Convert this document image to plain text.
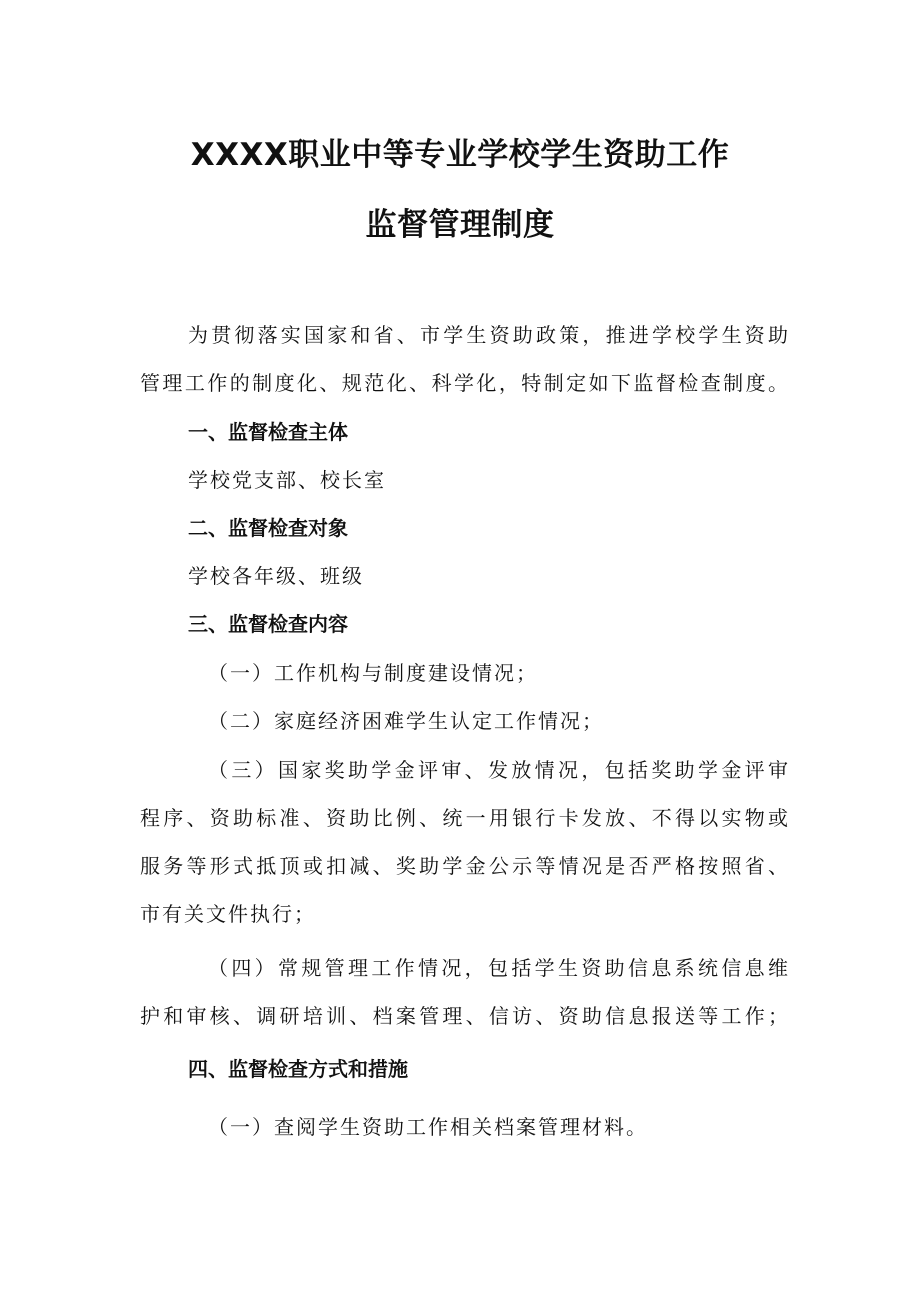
XXXX职业中等专业学校学生资助工作
监督管理制度
为贯彻落实国家和省、市学生资助政策，推进学校学生资助
管理工作的制度化、规范化、科学化，特制定如下监督检查制度。
一、监督检查主体
学校党支部、校长室
二、监督检查对象
学校各年级、班级
三、监督检查内容
（一）工作机构与制度建设情况；
（二）家庭经济困难学生认定工作情况；
（三）国家奖助学金评审、发放情况，包括奖助学金评审
程序、资助标准、资助比例、统一用银行卡发放、不得以实物或
服务等形式抵顶或扣减、奖助学金公示等情况是否严格按照省、
市有关文件执行；
（四）常规管理工作情况，包括学生资助信息系统信息维
护和审核、调研培训、档案管理、信访、资助信息报送等工作；
四、监督检查方式和措施
（一）查阅学生资助工作相关档案管理材料。
